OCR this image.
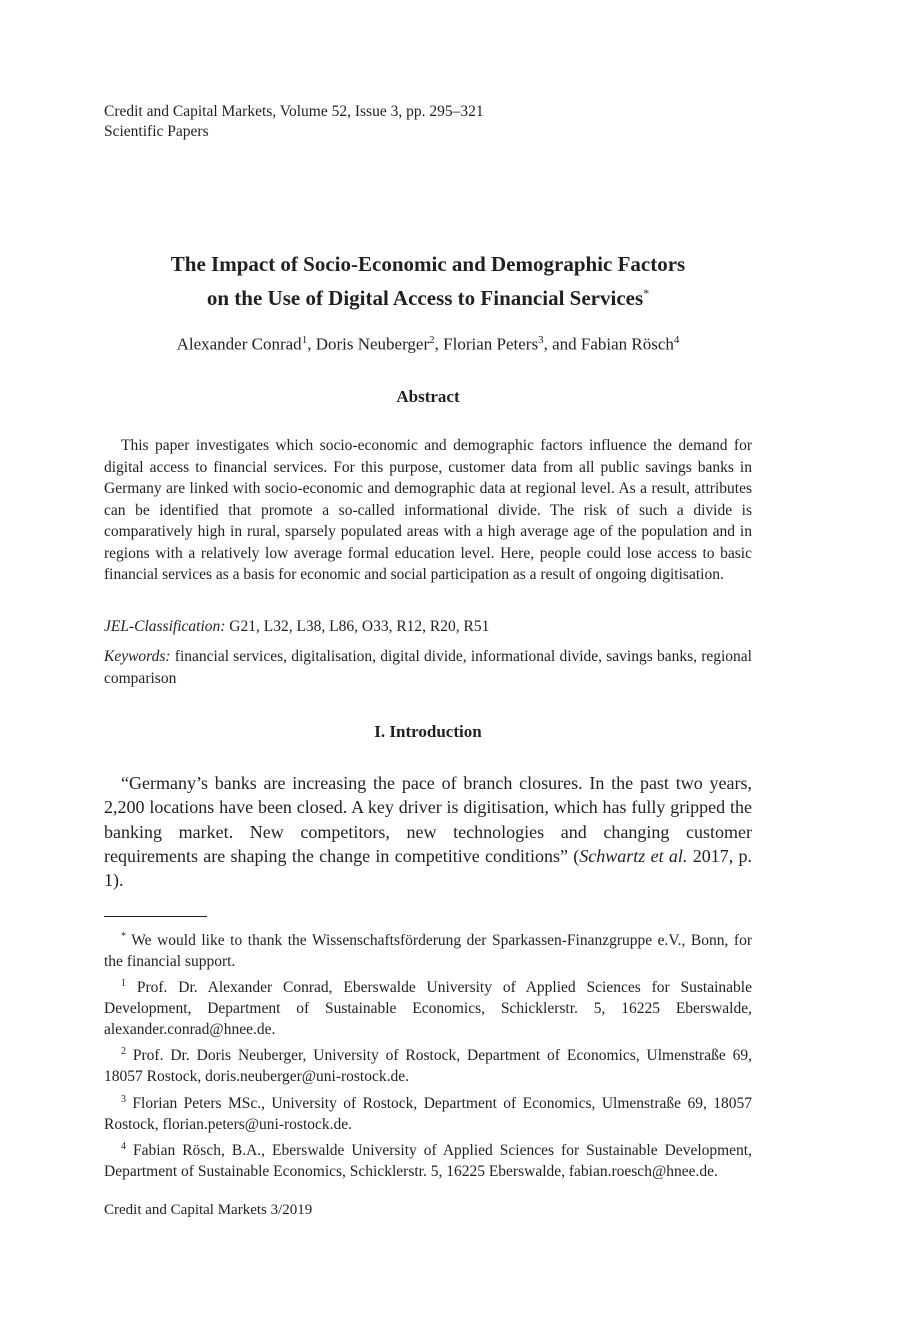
Credit and Capital Markets, Volume 52, Issue 3, pp. 295–321
Scientific Papers
The Impact of Socio-Economic and Demographic Factors
on the Use of Digital Access to Financial Services*
Alexander Conrad$^1$, Doris Neuberger$^2$, Florian Peters$^3$, and Fabian Rösch$^4$
Abstract

This paper investigates which socio-economic and demographic factors influence the demand for digital access to financial services. For this purpose, customer data from all public savings banks in Germany are linked with socio-economic and demographic data at regional level. As a result, attributes can be identified that promote a so-called informational divide. The risk of such a divide is comparatively high in rural, sparsely populated areas with a high average age of the population and in regions with a relatively low average formal education level. Here, people could lose access to basic financial services as a basis for economic and social participation as a result of ongoing digitisation.

JEL-Classification: G21, L32, L38, L86, O33, R12, R20, R51

Keywords: financial services, digitalisation, digital divide, informational divide, savings banks, regional comparison

I. Introduction

“Germany’s banks are increasing the pace of branch closures. In the past two years, 2,200 locations have been closed. A key driver is digitisation, which has fully gripped the banking market. New competitors, new technologies and changing customer requirements are shaping the change in competitive conditions” (Schwartz et al. 2017, p. 1).

* We would like to thank the Wissenschaftsförderung der Sparkassen-Finanzgruppe e.V., Bonn, for the financial support.

$^1$ Prof. Dr. Alexander Conrad, Eberswalde University of Applied Sciences for Sustainable Development, Department of Sustainable Economics, Schicklerstr. 5, 16225 Eberswalde, alexander.conrad@hnee.de.

$^2$ Prof. Dr. Doris Neuberger, University of Rostock, Department of Economics, Ulmenstraße 69, 18057 Rostock, doris.neuberger@uni-rostock.de.

$^3$ Florian Peters MSc., University of Rostock, Department of Economics, Ulmenstraße 69, 18057 Rostock, florian.peters@uni-rostock.de.

$^4$ Fabian Rösch, B.A., Eberswalde University of Applied Sciences for Sustainable Development, Department of Sustainable Economics, Schicklerstr. 5, 16225 Eberswalde, fabian.roesch@hnee.de.

Credit and Capital Markets 3/2019
